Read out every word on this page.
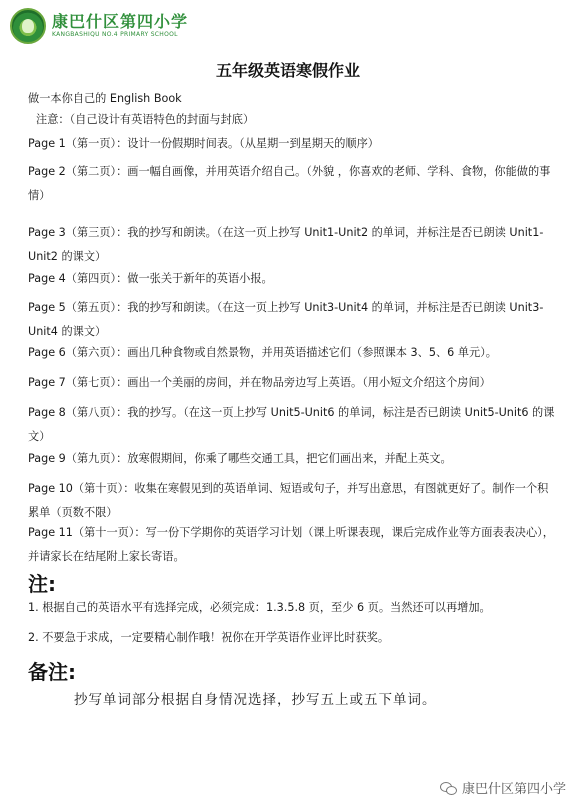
康巴什区第四小学
KANGBASHIQU NO.4 PRIMARY SCHOOL
五年级英语寒假作业
做一本你自己的 English Book
注意：（自己设计有英语特色的封面与封底）
Page 1（第一页）：设计一份假期时间表。（从星期一到星期天的顺序）
Page 2（第二页）：画一幅自画像，并用英语介绍自己。（外貌 ，你喜欢的老师、学科、食物，你能做的事情）
Page 3（第三页）：我的抄写和朗读。（在这一页上抄写 Unit1-Unit2 的单词，并标注是否已朗读 Unit1-Unit2 的课文）
Page 4（第四页）：做一张关于新年的英语小报。
Page 5（第五页）：我的抄写和朗读。（在这一页上抄写 Unit3-Unit4 的单词，并标注是否已朗读 Unit3-Unit4 的课文）
Page 6（第六页）：画出几种食物或自然景物，并用英语描述它们（参照课本 3、5、6 单元）。
Page 7（第七页）：画出一个美丽的房间，并在物品旁边写上英语。（用小短文介绍这个房间）
Page 8（第八页）：我的抄写。（在这一页上抄写 Unit5-Unit6 的单词，标注是否已朗读 Unit5-Unit6 的课文）
Page 9（第九页）：放寒假期间，你乘了哪些交通工具，把它们画出来，并配上英文。
Page 10（第十页）：收集在寒假见到的英语单词、短语或句子，并写出意思，有图就更好了。制作一个积累单（页数不限）
Page 11（第十一页）：写一份下学期你的英语学习计划（课上听课表现，课后完成作业等方面表表决心），并请家长在结尾附上家长寄语。
注:
1. 根据自己的英语水平有选择完成，必须完成：1.3.5.8 页，至少 6 页。当然还可以再增加。
2. 不要急于求成，一定要精心制作哦！祝你在开学英语作业评比时获奖。
备注:
抄写单词部分根据自身情况选择，抄写五上或五下单词。
康巴什区第四小学
